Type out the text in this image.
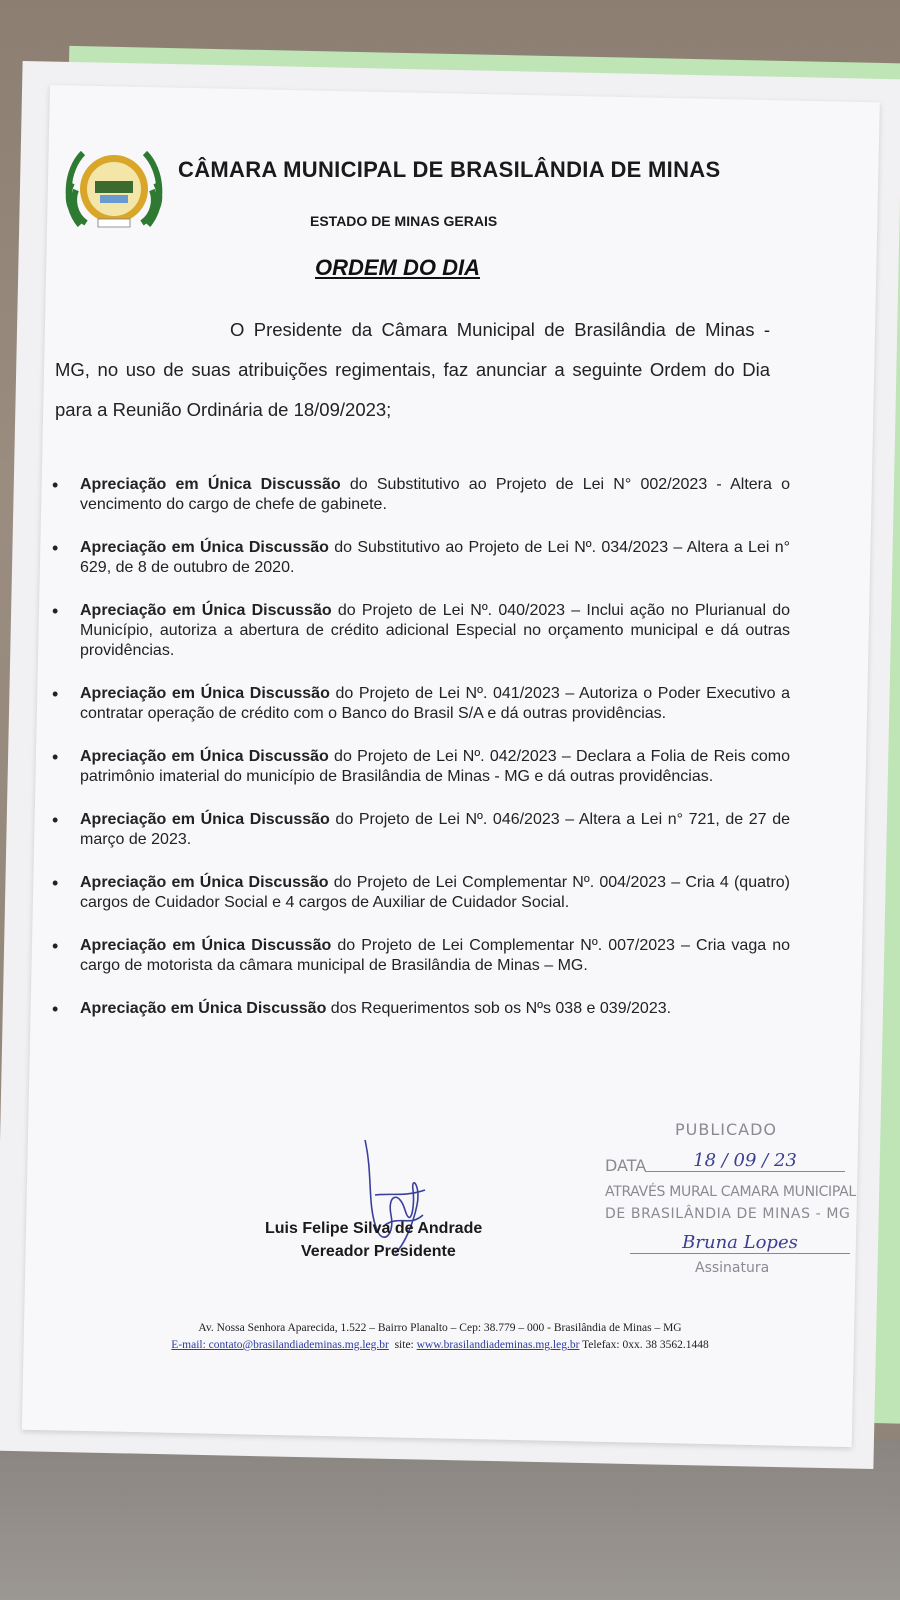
CÂMARA MUNICIPAL DE BRASILÂNDIA DE MINAS
ESTADO DE MINAS GERAIS
ORDEM DO DIA
O Presidente da Câmara Municipal de Brasilândia de Minas - MG, no uso de suas atribuições regimentais, faz anunciar a seguinte Ordem do Dia para a Reunião Ordinária de 18/09/2023;
• Apreciação em Única Discussão do Substitutivo ao Projeto de Lei N° 002/2023 - Altera o vencimento do cargo de chefe de gabinete.
• Apreciação em Única Discussão do Substitutivo ao Projeto de Lei Nº. 034/2023 – Altera a Lei n° 629, de 8 de outubro de 2020.
• Apreciação em Única Discussão do Projeto de Lei Nº. 040/2023 – Inclui ação no Plurianual do Município, autoriza a abertura de crédito adicional Especial no orçamento municipal e dá outras providências.
• Apreciação em Única Discussão do Projeto de Lei Nº. 041/2023 – Autoriza o Poder Executivo a contratar operação de crédito com o Banco do Brasil S/A e dá outras providências.
• Apreciação em Única Discussão do Projeto de Lei Nº. 042/2023 – Declara a Folia de Reis como patrimônio imaterial do município de Brasilândia de Minas - MG e dá outras providências.
• Apreciação em Única Discussão do Projeto de Lei Nº. 046/2023 – Altera a Lei n° 721, de 27 de março de 2023.
• Apreciação em Única Discussão do Projeto de Lei Complementar Nº. 004/2023 – Cria 4 (quatro) cargos de Cuidador Social e 4 cargos de Auxiliar de Cuidador Social.
• Apreciação em Única Discussão do Projeto de Lei Complementar Nº. 007/2023 – Cria vaga no cargo de motorista da câmara municipal de Brasilândia de Minas – MG.
• Apreciação em Única Discussão dos Requerimentos sob os Nºs 038 e 039/2023.
Luis Felipe Silva de Andrade
Vereador Presidente
PUBLICADO
DATA	18 / 09 / 23
ATRAVÉS MURAL CAMARA MUNICIPAL
DE BRASILÂNDIA DE MINAS - MG
Bruna Lopes
Assinatura
Av. Nossa Senhora Aparecida, 1.522 – Bairro Planalto – Cep: 38.779 – 000 - Brasilândia de Minas – MG
E-mail: contato@brasilandiademinas.mg.leg.br site: www.brasilandiademinas.mg.leg.br Telefax: 0xx. 38 3562.1448
